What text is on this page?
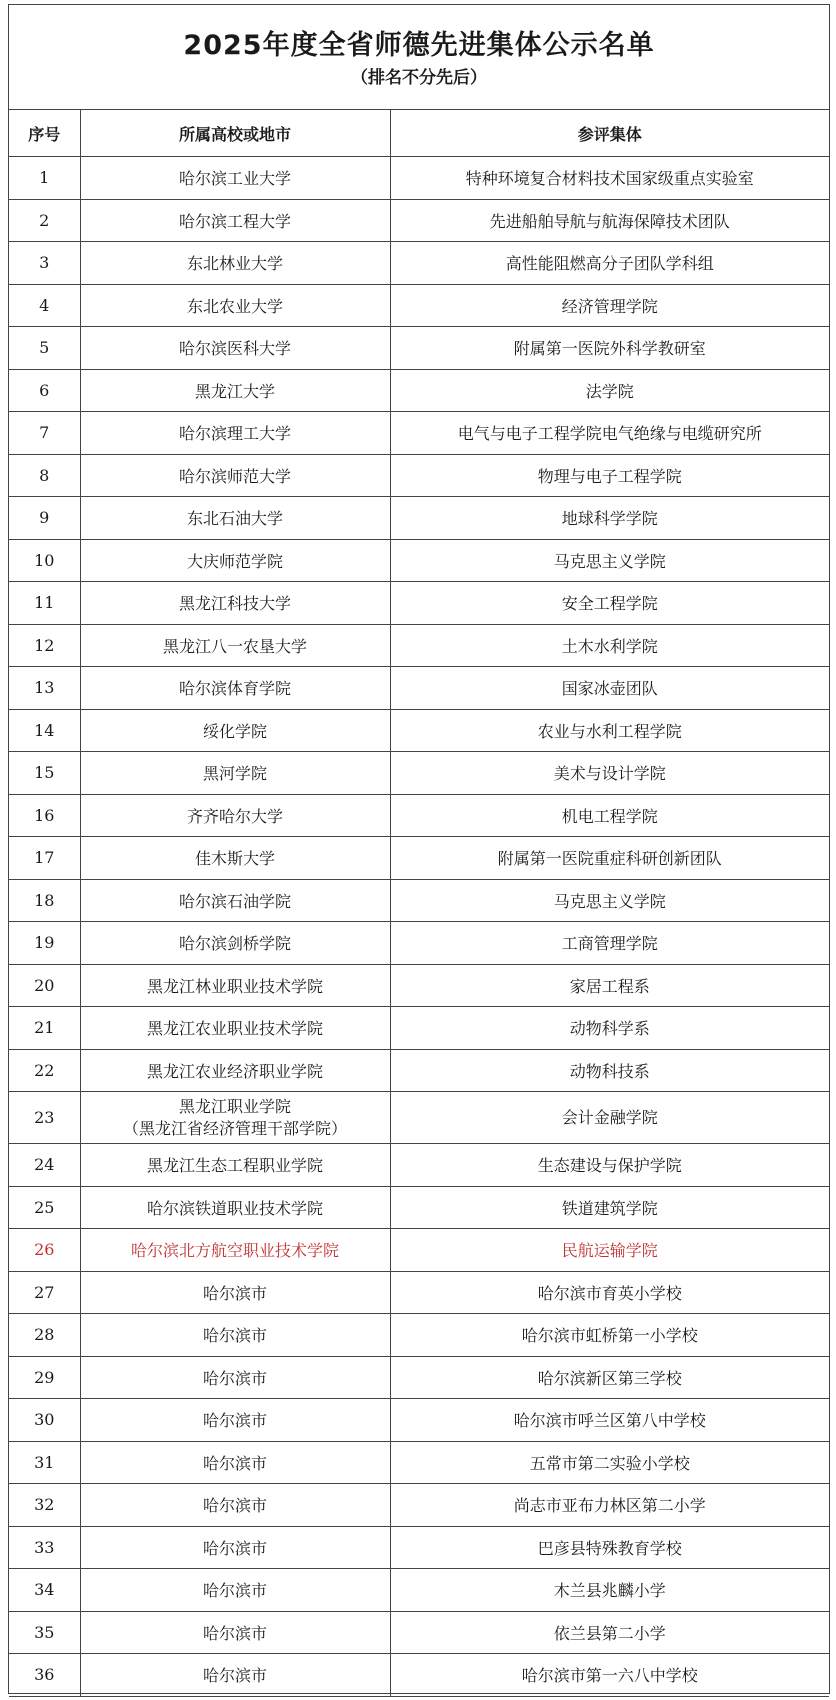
2025年度全省师德先进集体公示名单
（排名不分先后）
序号	所属高校或地市	参评集体
1	哈尔滨工业大学	特种环境复合材料技术国家级重点实验室
2	哈尔滨工程大学	先进船舶导航与航海保障技术团队
3	东北林业大学	高性能阻燃高分子团队学科组
4	东北农业大学	经济管理学院
5	哈尔滨医科大学	附属第一医院外科学教研室
6	黑龙江大学	法学院
7	哈尔滨理工大学	电气与电子工程学院电气绝缘与电缆研究所
8	哈尔滨师范大学	物理与电子工程学院
9	东北石油大学	地球科学学院
10	大庆师范学院	马克思主义学院
11	黑龙江科技大学	安全工程学院
12	黑龙江八一农垦大学	土木水利学院
13	哈尔滨体育学院	国家冰壶团队
14	绥化学院	农业与水利工程学院
15	黑河学院	美术与设计学院
16	齐齐哈尔大学	机电工程学院
17	佳木斯大学	附属第一医院重症科研创新团队
18	哈尔滨石油学院	马克思主义学院
19	哈尔滨剑桥学院	工商管理学院
20	黑龙江林业职业技术学院	家居工程系
21	黑龙江农业职业技术学院	动物科学系
22	黑龙江农业经济职业学院	动物科技系
23	黑龙江职业学院
（黑龙江省经济管理干部学院）	会计金融学院
24	黑龙江生态工程职业学院	生态建设与保护学院
25	哈尔滨铁道职业技术学院	铁道建筑学院
26	哈尔滨北方航空职业技术学院	民航运输学院
27	哈尔滨市	哈尔滨市育英小学校
28	哈尔滨市	哈尔滨市虹桥第一小学校
29	哈尔滨市	哈尔滨新区第三学校
30	哈尔滨市	哈尔滨市呼兰区第八中学校
31	哈尔滨市	五常市第二实验小学校
32	哈尔滨市	尚志市亚布力林区第二小学
33	哈尔滨市	巴彦县特殊教育学校
34	哈尔滨市	木兰县兆麟小学
35	哈尔滨市	依兰县第二小学
36	哈尔滨市	哈尔滨市第一六八中学校
